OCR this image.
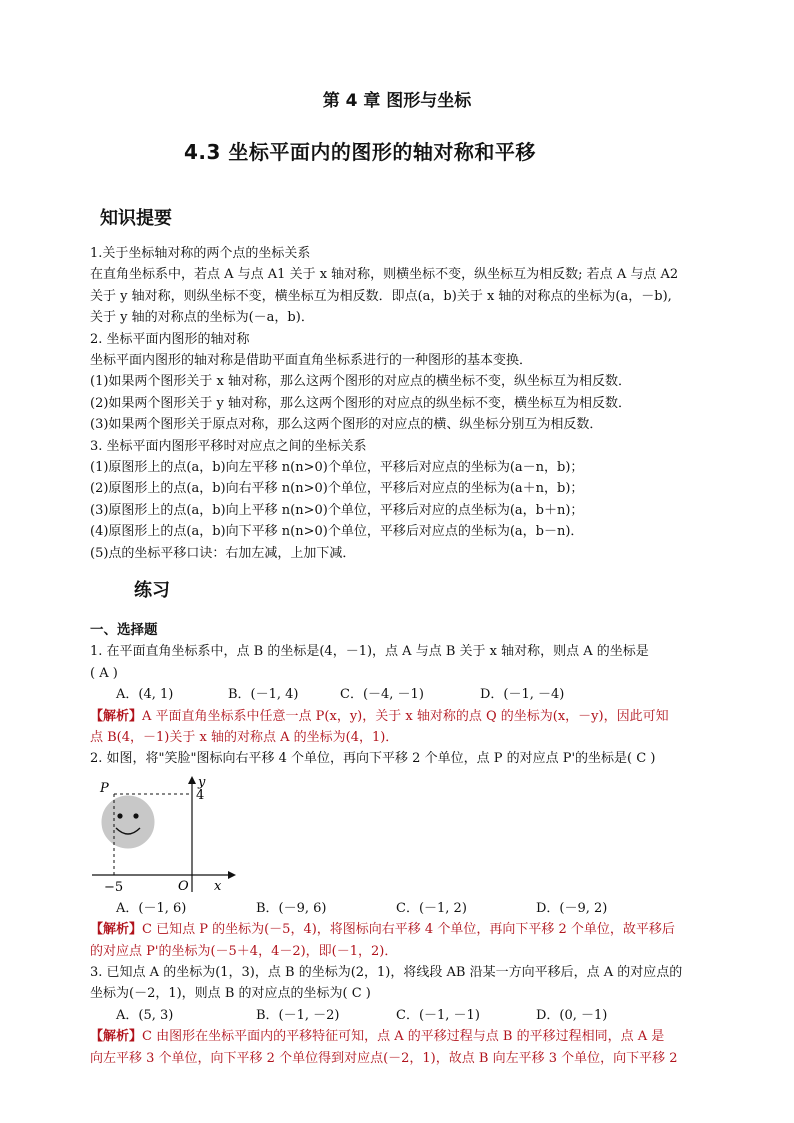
第 4 章 图形与坐标
4.3 坐标平面内的图形的轴对称和平移
知识提要
1.关于坐标轴对称的两个点的坐标关系
在直角坐标系中，若点 A 与点 A1 关于 x 轴对称，则横坐标不变，纵坐标互为相反数; 若点 A 与点 A2
关于 y 轴对称，则纵坐标不变，横坐标互为相反数．即点(a，b)关于 x 轴的对称点的坐标为(a，－b),
关于 y 轴的对称点的坐标为(－a，b)．
2. 坐标平面内图形的轴对称
坐标平面内图形的轴对称是借助平面直角坐标系进行的一种图形的基本变换．
(1)如果两个图形关于 x 轴对称，那么这两个图形的对应点的横坐标不变，纵坐标互为相反数．
(2)如果两个图形关于 y 轴对称，那么这两个图形的对应点的纵坐标不变，横坐标互为相反数．
(3)如果两个图形关于原点对称，那么这两个图形的对应点的横、纵坐标分别互为相反数．
3. 坐标平面内图形平移时对应点之间的坐标关系
(1)原图形上的点(a，b)向左平移 n(n>0)个单位，平移后对应点的坐标为(a－n，b)；
(2)原图形上的点(a，b)向右平移 n(n>0)个单位，平移后对应点的坐标为(a＋n，b)；
(3)原图形上的点(a，b)向上平移 n(n>0)个单位，平移后对应的点坐标为(a，b＋n)；
(4)原图形上的点(a，b)向下平移 n(n>0)个单位，平移后对应点的坐标为(a，b－n)．
(5)点的坐标平移口诀：右加左减，上加下减．
练习
一、选择题
1. 在平面直角坐标系中，点 B 的坐标是(4，－1)，点 A 与点 B 关于 x 轴对称，则点 A 的坐标是
( A )
A．(4, 1)	B．(－1, 4)	C．(－4, －1)	D．(－1, －4)
【解析】A 平面直角坐标系中任意一点 P(x，y)，关于 x 轴对称的点 Q 的坐标为(x，－y)，因此可知
点 B(4，－1)关于 x 轴的对称点 A 的坐标为(4，1)．
2. 如图，将"笑脸"图标向右平移 4 个单位，再向下平移 2 个单位，点 P 的对应点 P'的坐标是( C )
y
x
P	4
−5	O
A．(－1, 6)	B．(－9, 6)	C．(－1, 2)	D．(－9, 2)
【解析】C 已知点 P 的坐标为(－5，4)，将图标向右平移 4 个单位，再向下平移 2 个单位，故平移后
的对应点 P'的坐标为(－5＋4，4－2)，即(－1，2)．
3. 已知点 A 的坐标为(1，3)，点 B 的坐标为(2，1)，将线段 AB 沿某一方向平移后，点 A 的对应点的
坐标为(－2，1)，则点 B 的对应点的坐标为( C )
A．(5, 3)	B．(－1, －2)	C．(－1, －1)	D．(0, －1)
【解析】C 由图形在坐标平面内的平移特征可知，点 A 的平移过程与点 B 的平移过程相同，点 A 是
向左平移 3 个单位，向下平移 2 个单位得到对应点(－2，1)，故点 B 向左平移 3 个单位，向下平移 2
